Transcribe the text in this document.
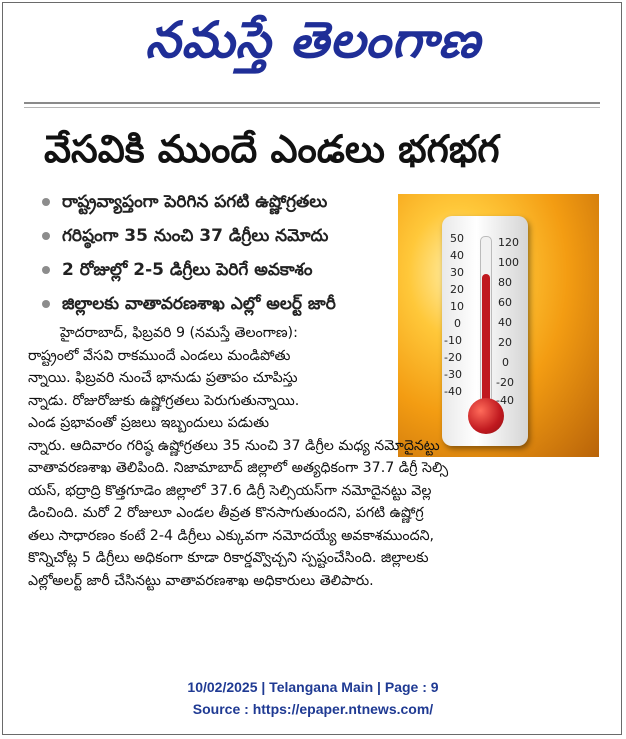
నమస్తే తెలంగాణ
వేసవికి ముందే ఎండలు భగభగ
రాష్ట్రవ్యాప్తంగా పెరిగిన పగటి ఉష్ణోగ్రతలు
గరిష్ఠంగా 35 నుంచి 37 డిగ్రీలు నమోదు
2 రోజుల్లో 2-5 డిగ్రీలు పెరిగే అవకాశం
జిల్లాలకు వాతావరణశాఖ ఎల్లో అలర్ట్ జారీ
50
40
30
20
10
0
-10
-20
-30
-40
120
100
80
60
40
20
0
-20
-40
హైదరాబాద్, ఫిబ్రవరి 9 (నమస్తే తెలంగాణ):
రాష్ట్రంలో వేసవి రాకముందే ఎండలు మండిపోతు
న్నాయి. ఫిబ్రవరి నుంచే భానుడు ప్రతాపం చూపిస్తు
న్నాడు. రోజురోజుకు ఉష్ణోగ్రతలు పెరుగుతున్నాయి.
ఎండ ప్రభావంతో ప్రజలు ఇబ్బందులు పడుతు
న్నారు. ఆదివారం గరిష్ఠ ఉష్ణోగ్రతలు 35 నుంచి 37 డిగ్రీల మధ్య నమోదైనట్టు
వాతావరణశాఖ తెలిపింది. నిజామాబాద్ జిల్లాలో అత్యధికంగా 37.7 డిగ్రీ సెల్సి
యస్, భద్రాద్రి కొత్తగూడెం జిల్లాలో 37.6 డిగ్రీ సెల్సియస్‌గా నమోదైనట్టు వెల్ల
డించింది. మరో 2 రోజులూ ఎండల తీవ్రత కొనసాగుతుందని, పగటి ఉష్ణోగ్ర
తలు సాధారణం కంటే 2-4 డిగ్రీలు ఎక్కువగా నమోదయ్యే అవకాశముందని,
కొన్నిచోట్ల 5 డిగ్రీలు అధికంగా కూడా రికార్డవ్వొచ్చని స్పష్టంచేసింది. జిల్లాలకు
ఎల్లోఅలర్ట్ జారీ చేసినట్టు వాతావరణశాఖ అధికారులు తెలిపారు.
10/02/2025 | Telangana Main | Page : 9
Source : https://epaper.ntnews.com/
